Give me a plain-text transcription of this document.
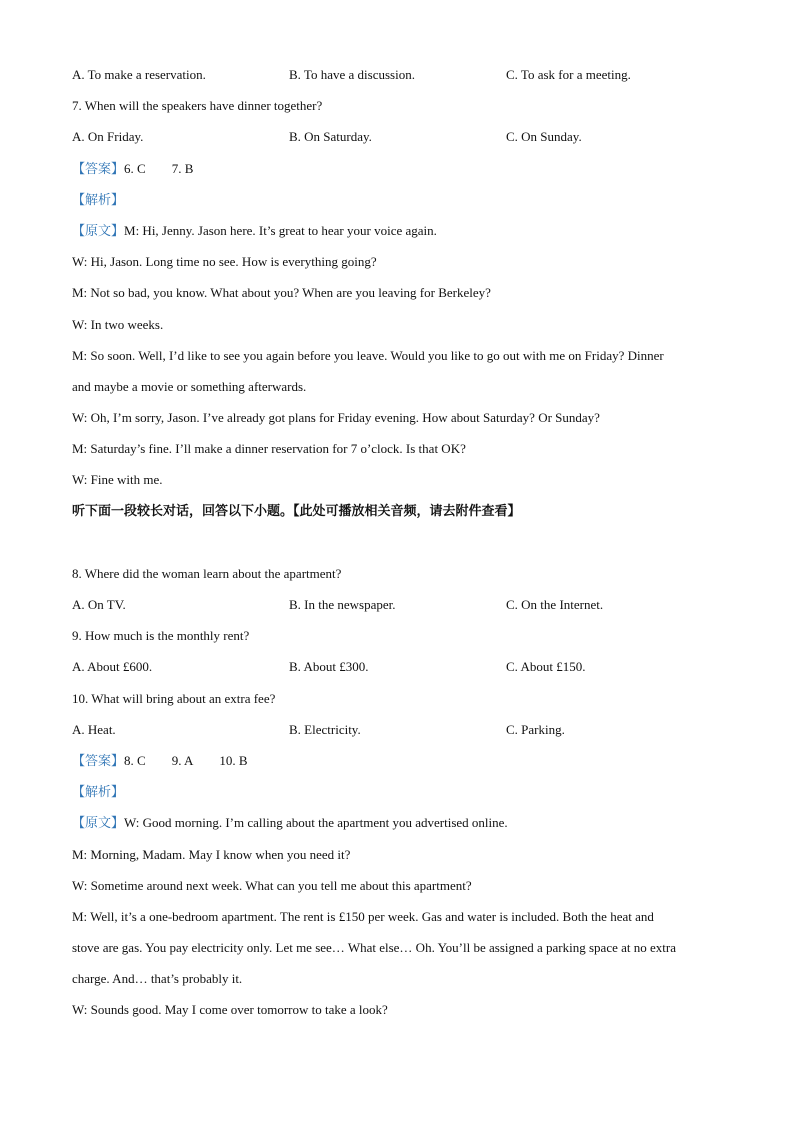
A. To make a reservation.	B. To have a discussion.	C. To ask for a meeting.
7. When will the speakers have dinner together?
A. On Friday.	B. On Saturday.	C. On Sunday.
【答案】6. C 7. B
【解析】
【原文】M: Hi, Jenny. Jason here. It’s great to hear your voice again.
W: Hi, Jason. Long time no see. How is everything going?
M: Not so bad, you know. What about you? When are you leaving for Berkeley?
W: In two weeks.
M: So soon. Well, I’d like to see you again before you leave. Would you like to go out with me on Friday? Dinner
and maybe a movie or something afterwards.
W: Oh, I’m sorry, Jason. I’ve already got plans for Friday evening. How about Saturday? Or Sunday?
M: Saturday’s fine. I’ll make a dinner reservation for 7 o’clock. Is that OK?
W: Fine with me.
听下面一段较长对话，回答以下小题。【此处可播放相关音频，请去附件查看】
8. Where did the woman learn about the apartment?
A. On TV.	B. In the newspaper.	C. On the Internet.
9. How much is the monthly rent?
A. About £600.	B. About £300.	C. About £150.
10. What will bring about an extra fee?
A. Heat.	B. Electricity.	C. Parking.
【答案】8. C 9. A 10. B
【解析】
【原文】W: Good morning. I’m calling about the apartment you advertised online.
M: Morning, Madam. May I know when you need it?
W: Sometime around next week. What can you tell me about this apartment?
M: Well, it’s a one-bedroom apartment. The rent is £150 per week. Gas and water is included. Both the heat and
stove are gas. You pay electricity only. Let me see… What else… Oh. You’ll be assigned a parking space at no extra
charge. And… that’s probably it.
W: Sounds good. May I come over tomorrow to take a look?
